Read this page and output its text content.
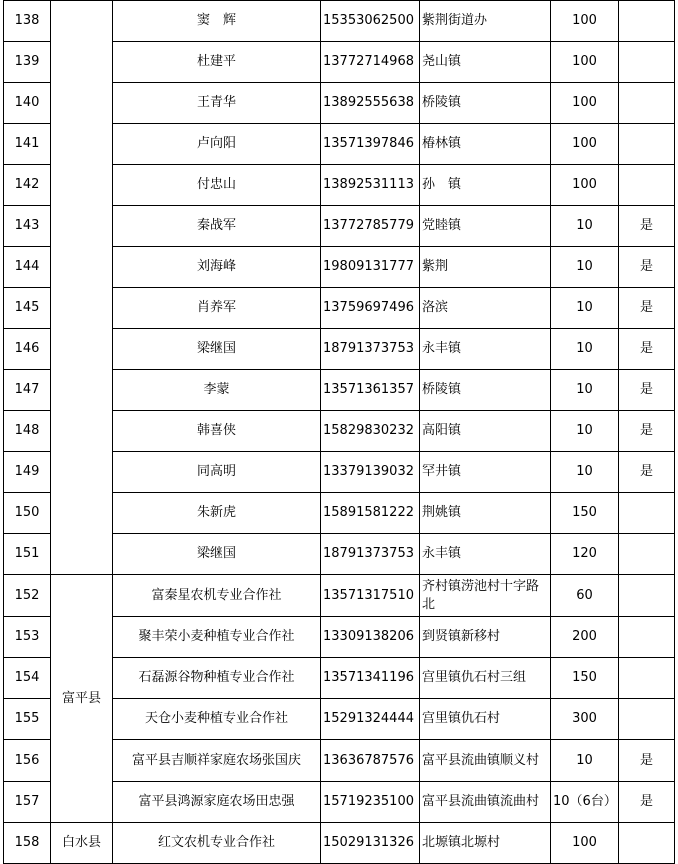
138		窦　辉	15353062500	紫荆街道办	100	
139		杜建平	13772714968	尧山镇	100	
140		王青华	13892555638	桥陵镇	100	
141		卢向阳	13571397846	椿林镇	100	
142		付忠山	13892531113	孙　镇	100	
143		秦战军	13772785779	党睦镇	10	是
144		刘海峰	19809131777	紫荆	10	是
145		肖养军	13759697496	洛滨	10	是
146		梁继国	18791373753	永丰镇	10	是
147		李蒙	13571361357	桥陵镇	10	是
148		韩喜侠	15829830232	高阳镇	10	是
149		同高明	13379139032	罕井镇	10	是
150		朱新虎	15891581222	荆姚镇	150	
151		梁继国	18791373753	永丰镇	120	
152	富平县	富秦星农机专业合作社	13571317510	齐村镇涝池村十字路北	60	
153		聚丰荣小麦种植专业合作社	13309138206	到贤镇新移村	200	
154		石磊源谷物种植专业合作社	13571341196	宫里镇仇石村三组	150	
155		天仓小麦种植专业合作社	15291324444	宫里镇仇石村	300	
156		富平县吉顺祥家庭农场张国庆	13636787576	富平县流曲镇顺义村	10	是
157		富平县鸿源家庭农场田忠强	15719235100	富平县流曲镇流曲村	10（6台）	是
158	白水县	红文农机专业合作社	15029131326	北塬镇北塬村	100	
